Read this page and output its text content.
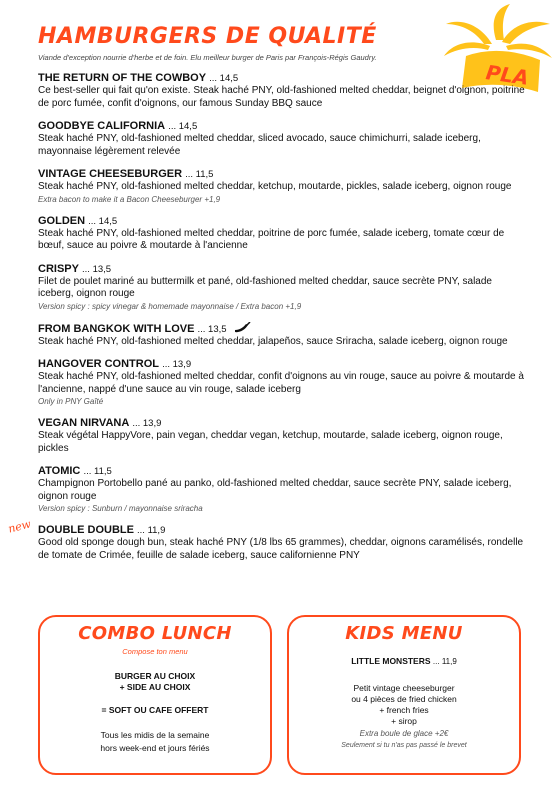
HAMBURGERS DE QUALITÉ
Viande d'exception nourrie d'herbe et de foin. Elu meilleur burger de Paris par François-Régis Gaudry.
PLA
THE RETURN OF THE COWBOY ... 14,5
Ce best-seller qui fait qu'on existe. Steak haché PNY, old-fashioned melted cheddar, beignet d'oignon, poitrine de porc fumée, confit d'oignons, our famous Sunday BBQ sauce
GOODBYE CALIFORNIA ... 14,5
Steak haché PNY, old-fashioned melted cheddar, sliced avocado, sauce chimichurri, salade iceberg, mayonnaise légèrement relevée
VINTAGE CHEESEBURGER ... 11,5
Steak haché PNY, old-fashioned melted cheddar, ketchup, moutarde, pickles, salade iceberg, oignon rouge
Extra bacon to make it a Bacon Cheeseburger +1,9
GOLDEN ... 14,5
Steak haché PNY, old-fashioned melted cheddar, poitrine de porc fumée, salade iceberg, tomate cœur de bœuf, sauce au poivre & moutarde à l'ancienne
CRISPY ... 13,5
Filet de poulet mariné au buttermilk et pané, old-fashioned melted cheddar, sauce secrète PNY, salade iceberg, oignon rouge
Version spicy : spicy vinegar & homemade mayonnaise / Extra bacon +1,9
FROM BANGKOK WITH LOVE ... 13,5
Steak haché PNY, old-fashioned melted cheddar, jalapeños, sauce Sriracha, salade iceberg, oignon rouge
HANGOVER CONTROL ... 13,9
Steak haché PNY, old-fashioned melted cheddar, confit d'oignons au vin rouge, sauce au poivre & moutarde à l'ancienne, nappé d'une sauce au vin rouge, salade iceberg
Only in PNY Gaîté
VEGAN NIRVANA ... 13,9
Steak végétal HappyVore, pain vegan, cheddar vegan, ketchup, moutarde, salade iceberg, oignon rouge, pickles
ATOMIC ... 11,5
Champignon Portobello pané au panko, old-fashioned melted cheddar, sauce secrète PNY, salade iceberg, oignon rouge
Version spicy : Sunburn / mayonnaise sriracha
new DOUBLE DOUBLE ... 11,9
Good old sponge dough bun, steak haché PNY (1/8 lbs 65 grammes), cheddar, oignons caramélisés, rondelle de tomate de Crimée, feuille de salade iceberg, sauce californienne PNY
COMBO LUNCH
Compose ton menu
BURGER AU CHOIX
+ SIDE AU CHOIX
= SOFT OU CAFE OFFERT
Tous les midis de la semaine
hors week-end et jours fériés
KIDS MENU
LITTLE MONSTERS ... 11,9
Petit vintage cheeseburger
ou 4 pièces de fried chicken
+ french fries
+ sirop
Extra boule de glace +2€
Seulement si tu n'as pas passé le brevet
